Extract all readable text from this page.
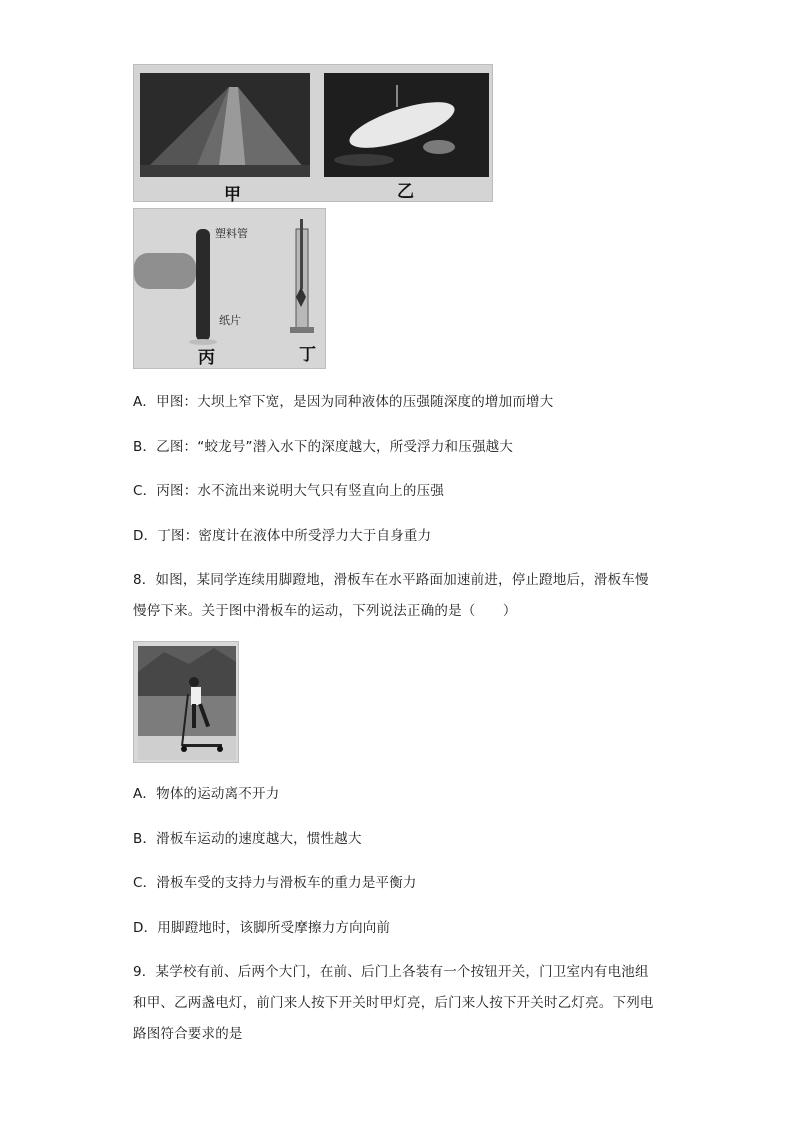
甲	乙
塑料管
纸片
丙	丁
A．甲图：大坝上窄下宽，是因为同种液体的压强随深度的增加而增大
B．乙图：“蛟龙号”潜入水下的深度越大，所受浮力和压强越大
C．丙图：水不流出来说明大气只有竖直向上的压强
D．丁图：密度计在液体中所受浮力大于自身重力
8．如图，某同学连续用脚蹬地，滑板车在水平路面加速前进，停止蹬地后，滑板车慢
慢停下来。关于图中滑板车的运动，下列说法正确的是（　　）
A．物体的运动离不开力
B．滑板车运动的速度越大，惯性越大
C．滑板车受的支持力与滑板车的重力是平衡力
D．用脚蹬地时，该脚所受摩擦力方向向前
9．某学校有前、后两个大门，在前、后门上各装有一个按钮开关，门卫室内有电池组
和甲、乙两盏电灯，前门来人按下开关时甲灯亮，后门来人按下开关时乙灯亮。下列电
路图符合要求的是
